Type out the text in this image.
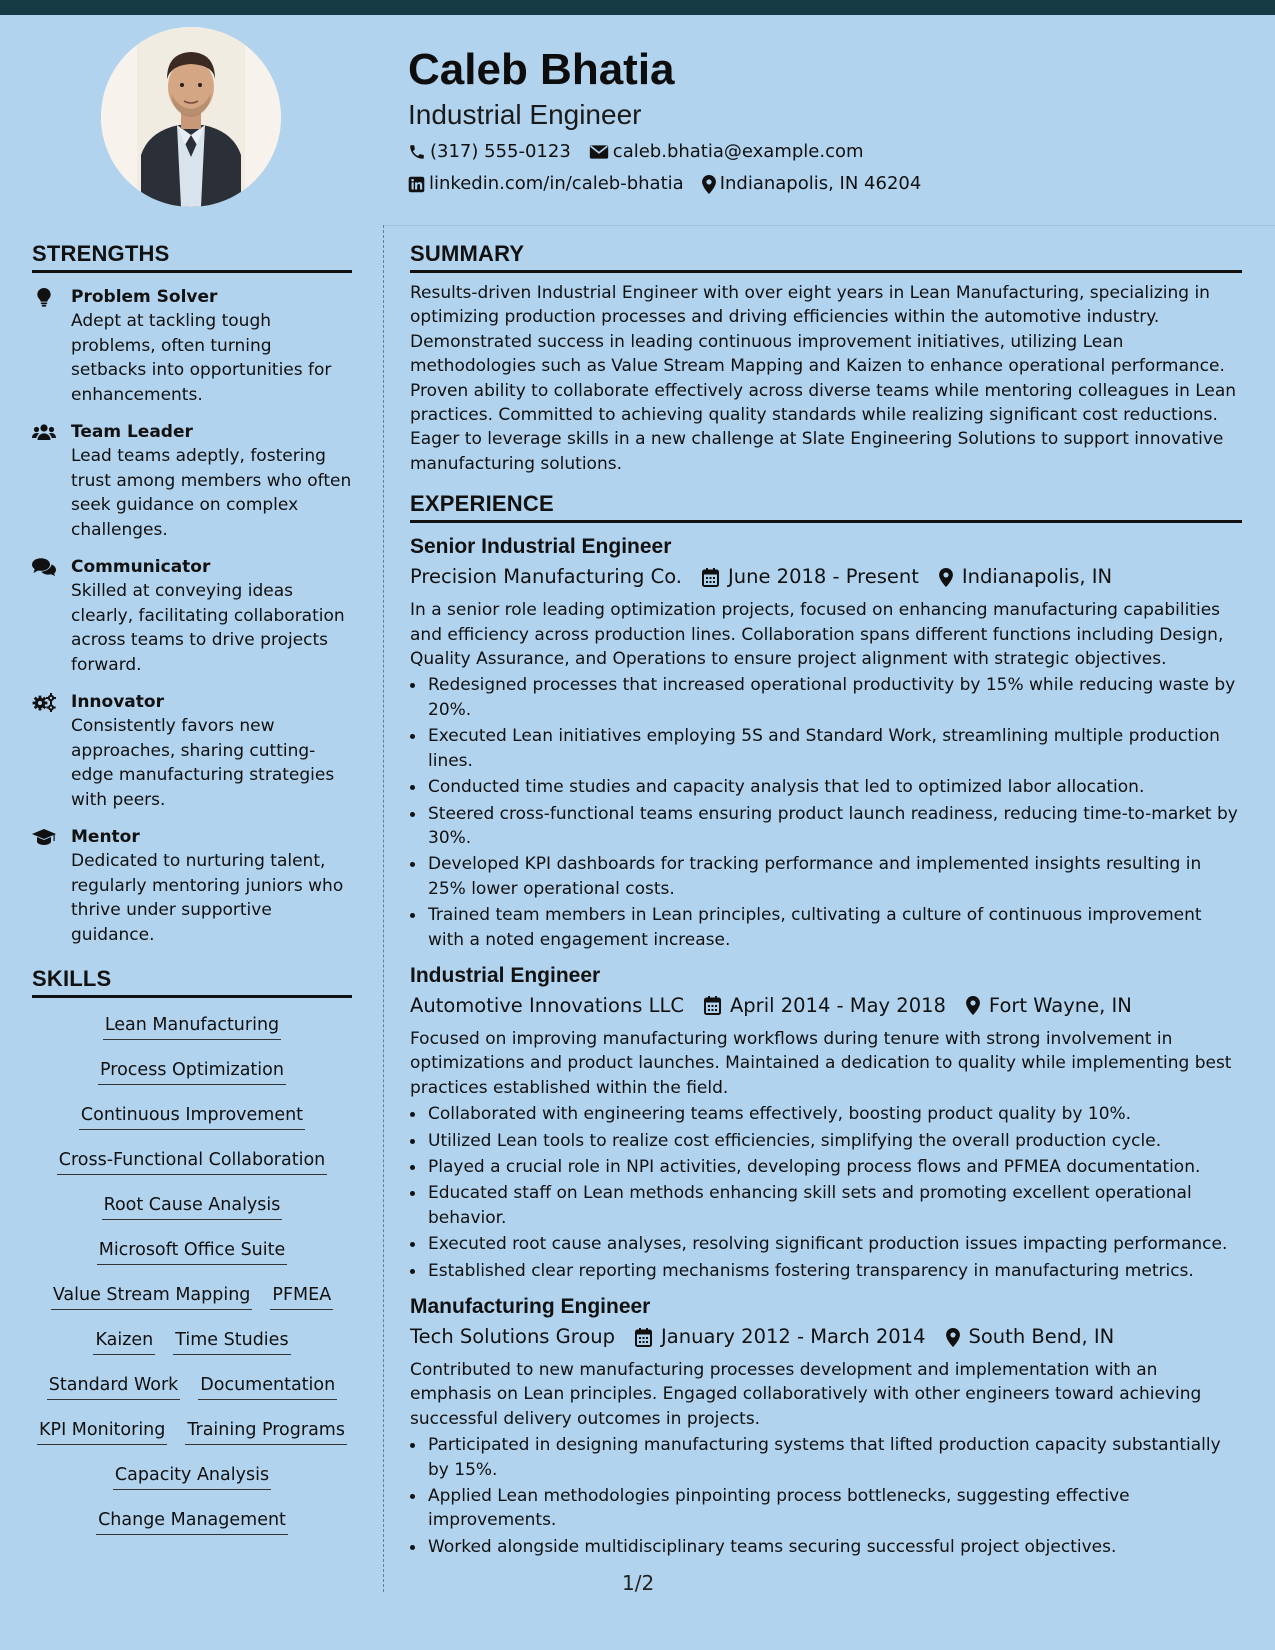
Caleb Bhatia
Industrial Engineer
(317) 555-0123 caleb.bhatia@example.com
linkedin.com/in/caleb-bhatia Indianapolis, IN 46204
STRENGTHS
Problem Solver
Adept at tackling tough problems, often turning setbacks into opportunities for enhancements.
Team Leader
Lead teams adeptly, fostering trust among members who often seek guidance on complex challenges.
Communicator
Skilled at conveying ideas clearly, facilitating collaboration across teams to drive projects forward.
Innovator
Consistently favors new approaches, sharing cutting-edge manufacturing strategies with peers.
Mentor
Dedicated to nurturing talent, regularly mentoring juniors who thrive under supportive guidance.
SKILLS
Lean Manufacturing
Process Optimization
Continuous Improvement
Cross-Functional Collaboration
Root Cause Analysis
Microsoft Office Suite
Value Stream Mapping PFMEA
Kaizen Time Studies
Standard Work Documentation
KPI Monitoring Training Programs
Capacity Analysis
Change Management
SUMMARY
Results-driven Industrial Engineer with over eight years in Lean Manufacturing, specializing in optimizing production processes and driving efficiencies within the automotive industry. Demonstrated success in leading continuous improvement initiatives, utilizing Lean methodologies such as Value Stream Mapping and Kaizen to enhance operational performance. Proven ability to collaborate effectively across diverse teams while mentoring colleagues in Lean practices. Committed to achieving quality standards while realizing significant cost reductions. Eager to leverage skills in a new challenge at Slate Engineering Solutions to support innovative manufacturing solutions.
EXPERIENCE
Senior Industrial Engineer
Precision Manufacturing Co. June 2018 - Present Indianapolis, IN
In a senior role leading optimization projects, focused on enhancing manufacturing capabilities and efficiency across production lines. Collaboration spans different functions including Design, Quality Assurance, and Operations to ensure project alignment with strategic objectives.
Redesigned processes that increased operational productivity by 15% while reducing waste by 20%.
Executed Lean initiatives employing 5S and Standard Work, streamlining multiple production lines.
Conducted time studies and capacity analysis that led to optimized labor allocation.
Steered cross-functional teams ensuring product launch readiness, reducing time-to-market by 30%.
Developed KPI dashboards for tracking performance and implemented insights resulting in 25% lower operational costs.
Trained team members in Lean principles, cultivating a culture of continuous improvement with a noted engagement increase.
Industrial Engineer
Automotive Innovations LLC April 2014 - May 2018 Fort Wayne, IN
Focused on improving manufacturing workflows during tenure with strong involvement in optimizations and product launches. Maintained a dedication to quality while implementing best practices established within the field.
Collaborated with engineering teams effectively, boosting product quality by 10%.
Utilized Lean tools to realize cost efficiencies, simplifying the overall production cycle.
Played a crucial role in NPI activities, developing process flows and PFMEA documentation.
Educated staff on Lean methods enhancing skill sets and promoting excellent operational behavior.
Executed root cause analyses, resolving significant production issues impacting performance.
Established clear reporting mechanisms fostering transparency in manufacturing metrics.
Manufacturing Engineer
Tech Solutions Group January 2012 - March 2014 South Bend, IN
Contributed to new manufacturing processes development and implementation with an emphasis on Lean principles. Engaged collaboratively with other engineers toward achieving successful delivery outcomes in projects.
Participated in designing manufacturing systems that lifted production capacity substantially by 15%.
Applied Lean methodologies pinpointing process bottlenecks, suggesting effective improvements.
Worked alongside multidisciplinary teams securing successful project objectives.
1/2
